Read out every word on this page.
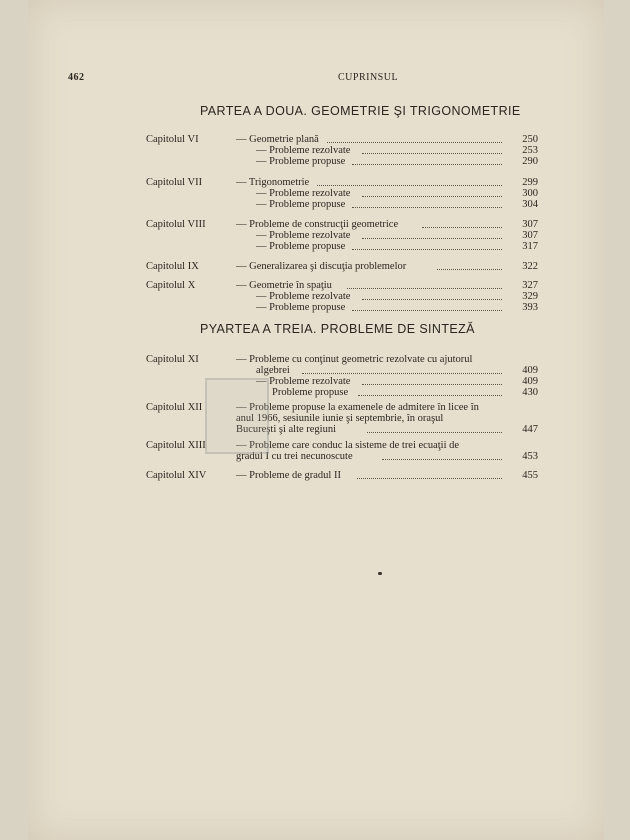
462	CUPRINSUL
PARTEA A DOUA. GEOMETRIE ŞI TRIGONOMETRIE
PYARTEA A TREIA. PROBLEME DE SINTEZĂ
Capitolul VI	— Geometrie plană	250
— Probleme rezolvate	253
— Probleme propuse	290
Capitolul VII	— Trigonometrie	299
— Probleme rezolvate	300
— Probleme propuse	304
Capitolul VIII	— Probleme de construcţii geometrice	307
— Probleme rezolvate	307
— Probleme propuse	317
Capitolul IX	— Generalizarea şi discuţia problemelor	322
Capitolul X	— Geometrie în spaţiu	327
— Probleme rezolvate	329
— Probleme propuse	393
Capitolul XI	— Probleme cu conţinut geometric rezolvate cu ajutorul
algebrei	409
— Probleme rezolvate	409
Probleme propuse	430
Capitolul XII	— Probleme propuse la examenele de admitere în licee în
anul 1966, sesiunile iunie şi septembrie, în oraşul
Bucureşti şi alte regiuni	447
Capitolul XIII	— Probleme care conduc la sisteme de trei ecuaţii de
gradul I cu trei necunoscute	453
Capitolul XIV	— Probleme de gradul II	455
